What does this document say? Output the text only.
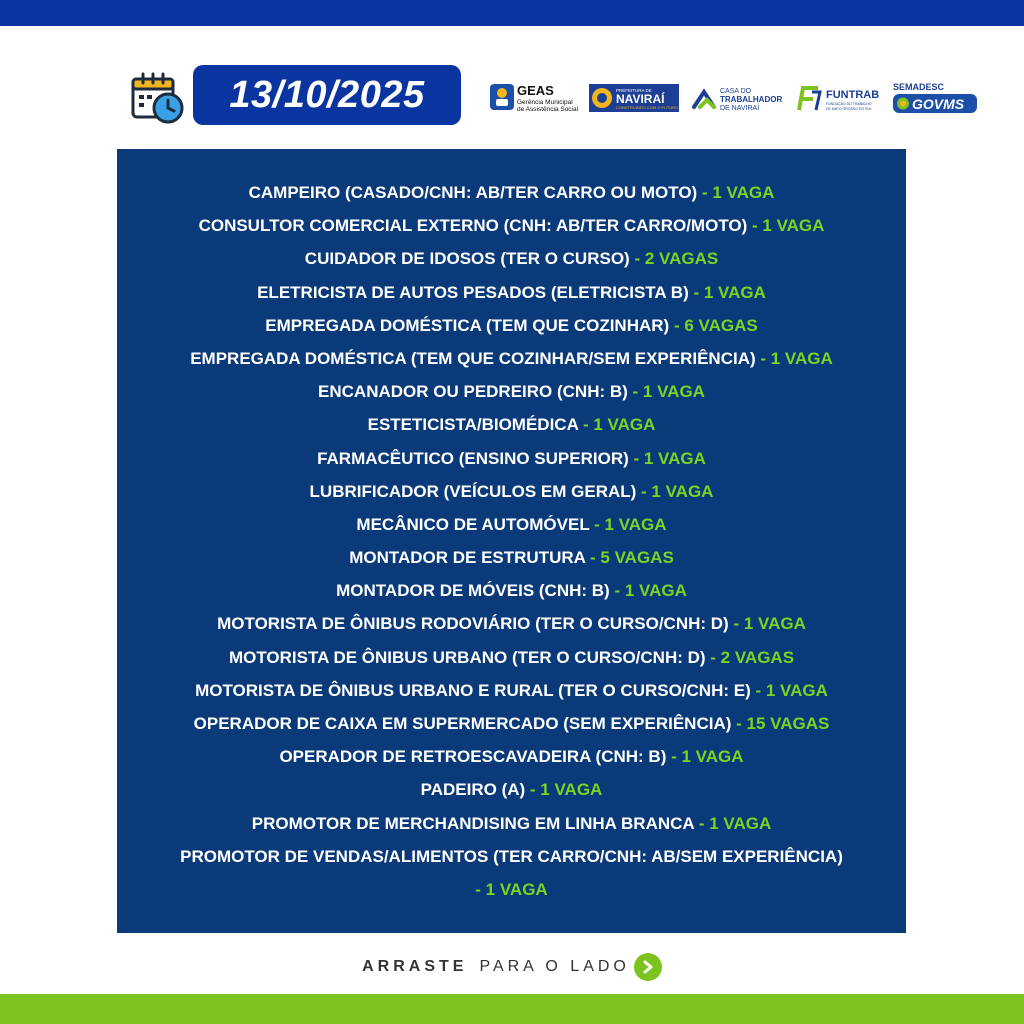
13/10/2025	GEAS
Gerência Municipal
de Assistência Social
PREFEITURA DE
NAVIRAÍ
CONSTRUINDO COM O FUTURO
CASA DO
TRABALHADOR
DE NAVIRAÍ
FUNTRAB
FUNDAÇÃO DO TRABALHO
DE MATO GROSSO DO SUL
SEMADESC
GOVMS
CAMPEIRO (CASADO/CNH: AB/TER CARRO OU MOTO) - 1 VAGA
CONSULTOR COMERCIAL EXTERNO (CNH: AB/TER CARRO/MOTO) - 1 VAGA
CUIDADOR DE IDOSOS (TER O CURSO) - 2 VAGAS
ELETRICISTA DE AUTOS PESADOS (ELETRICISTA B) - 1 VAGA
EMPREGADA DOMÉSTICA (TEM QUE COZINHAR) - 6 VAGAS
EMPREGADA DOMÉSTICA (TEM QUE COZINHAR/SEM EXPERIÊNCIA) - 1 VAGA
ENCANADOR OU PEDREIRO (CNH: B) - 1 VAGA
ESTETICISTA/BIOMÉDICA - 1 VAGA
FARMACÊUTICO (ENSINO SUPERIOR) - 1 VAGA
LUBRIFICADOR (VEÍCULOS EM GERAL) - 1 VAGA
MECÂNICO DE AUTOMÓVEL - 1 VAGA
MONTADOR DE ESTRUTURA - 5 VAGAS
MONTADOR DE MÓVEIS (CNH: B) - 1 VAGA
MOTORISTA DE ÔNIBUS RODOVIÁRIO (TER O CURSO/CNH: D) - 1 VAGA
MOTORISTA DE ÔNIBUS URBANO (TER O CURSO/CNH: D) - 2 VAGAS
MOTORISTA DE ÔNIBUS URBANO E RURAL (TER O CURSO/CNH: E) - 1 VAGA
OPERADOR DE CAIXA EM SUPERMERCADO (SEM EXPERIÊNCIA) - 15 VAGAS
OPERADOR DE RETROESCAVADEIRA (CNH: B) - 1 VAGA
PADEIRO (A) - 1 VAGA
PROMOTOR DE MERCHANDISING EM LINHA BRANCA - 1 VAGA
PROMOTOR DE VENDAS/ALIMENTOS (TER CARRO/CNH: AB/SEM EXPERIÊNCIA)
- 1 VAGA
ARRASTE PARA O LADO
